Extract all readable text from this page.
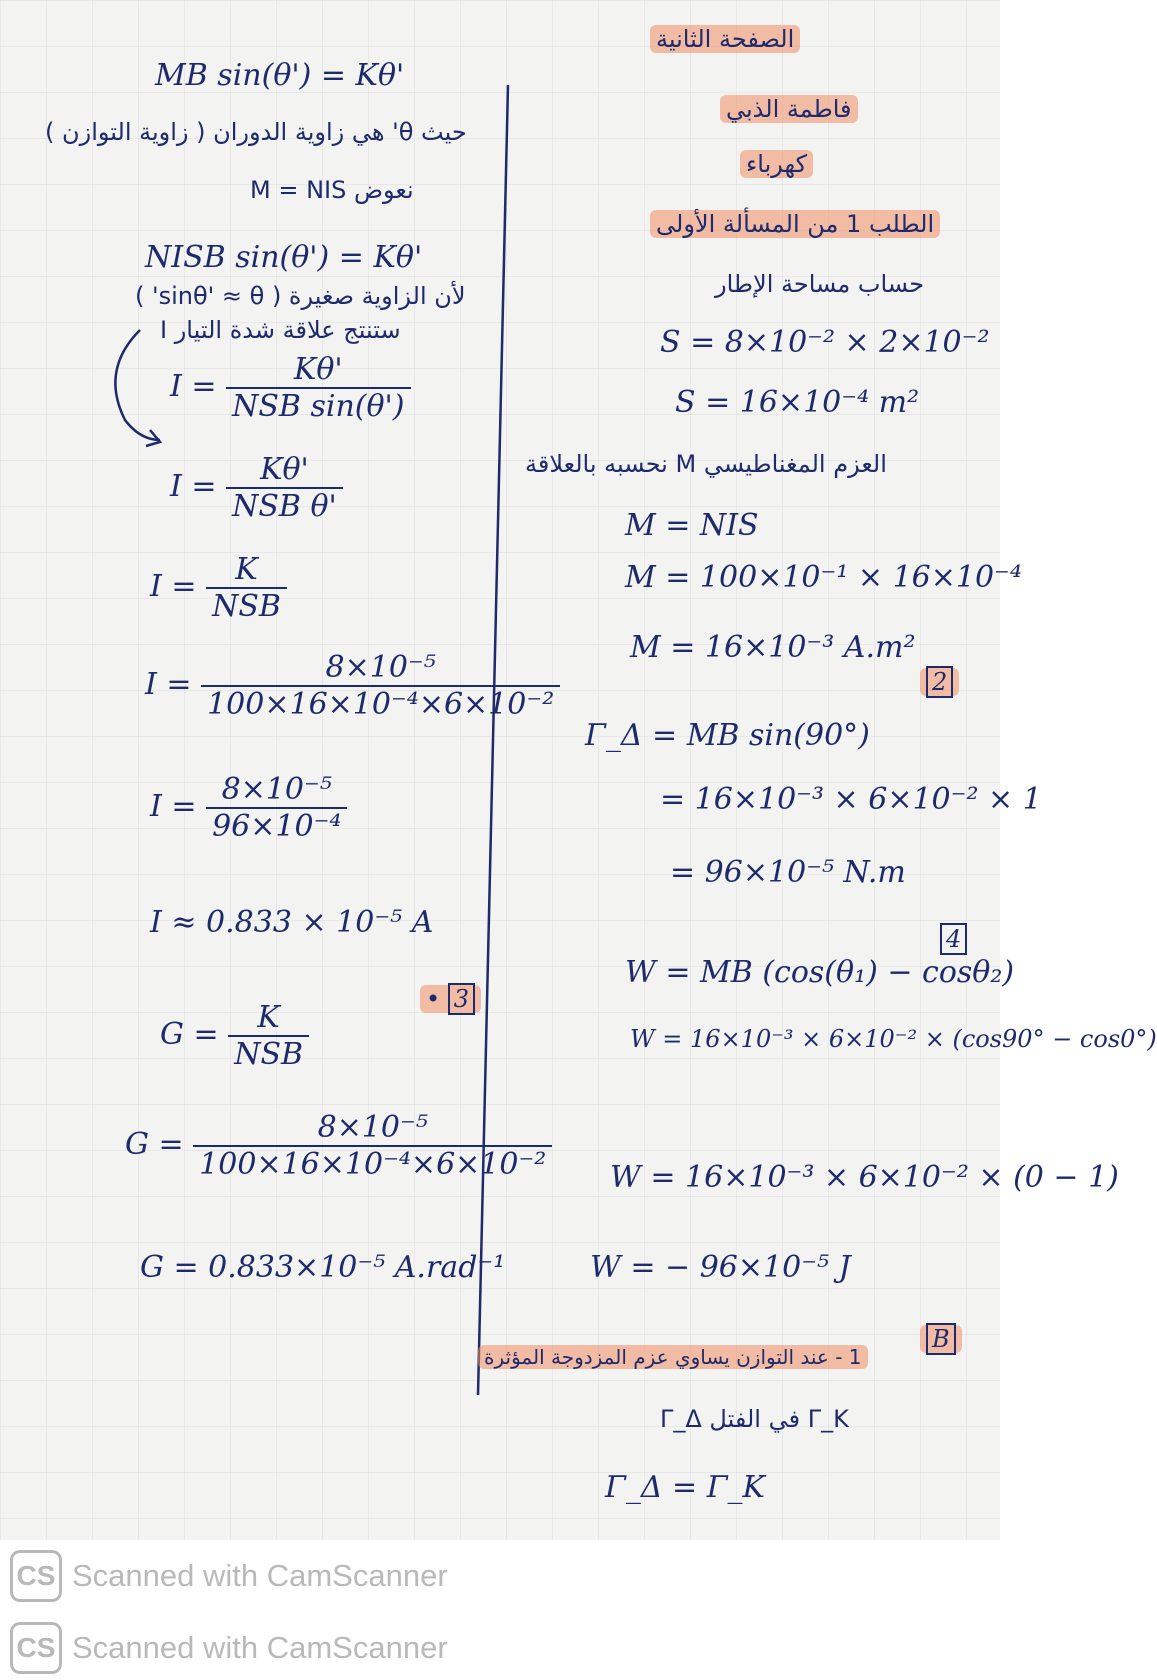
MB sin(θ') = Kθ'
حيث θ' هي زاوية الدوران ( زاوية التوازن )
نعوض M = NIS
NISB sin(θ') = Kθ'
لأن الزاوية صغيرة ( sinθ' ≈ θ' )
ستنتج علاقة شدة التيار I
$I = \frac{K\theta'}{\text{NSB sin(θ')}}$
$I = \frac{K\theta'}{\text{NSB θ'}}$
$I = \frac{K}{\text{NSB}}$
$I = \frac{\text{8×10⁻⁵}}{\text{100×16×10⁻⁴×6×10⁻²}}$
$I = \frac{\text{8×10⁻⁵}}{\text{96×10⁻⁴}}$
I ≈ 0.833 × 10⁻⁵ A
• 3
$G = \frac{K}{\text{NSB}}$
$G = \frac{\text{8×10⁻⁵}}{\text{100×16×10⁻⁴×6×10⁻²}}$
G = 0.833×10⁻⁵ A.rad⁻¹
الصفحة الثانية
فاطمة الذبي
كهرباء
الطلب 1 من المسألة الأولى
حساب مساحة الإطار
S = 8×10⁻² × 2×10⁻²
S = 16×10⁻⁴ m²
العزم المغناطيسي M نحسبه بالعلاقة
M = NIS
M = 100×10⁻¹ × 16×10⁻⁴
M = 16×10⁻³ A.m²
2
Γ_Δ = MB sin(90°)
= 16×10⁻³ × 6×10⁻² × 1
= 96×10⁻⁵ N.m
4
W = MB (cos(θ₁) − cosθ₂)
W = 16×10⁻³ × 6×10⁻² × (cos90° − cos0°)
W = 16×10⁻³ × 6×10⁻² × (0 − 1)
W = − 96×10⁻⁵ J
B
1 - عند التوازن يساوي عزم المزدوجة المؤثرة
Γ_K في الفتل Γ_Δ
Γ_Δ = Γ_K
CS Scanned with CamScanner
CS Scanned with CamScanner
